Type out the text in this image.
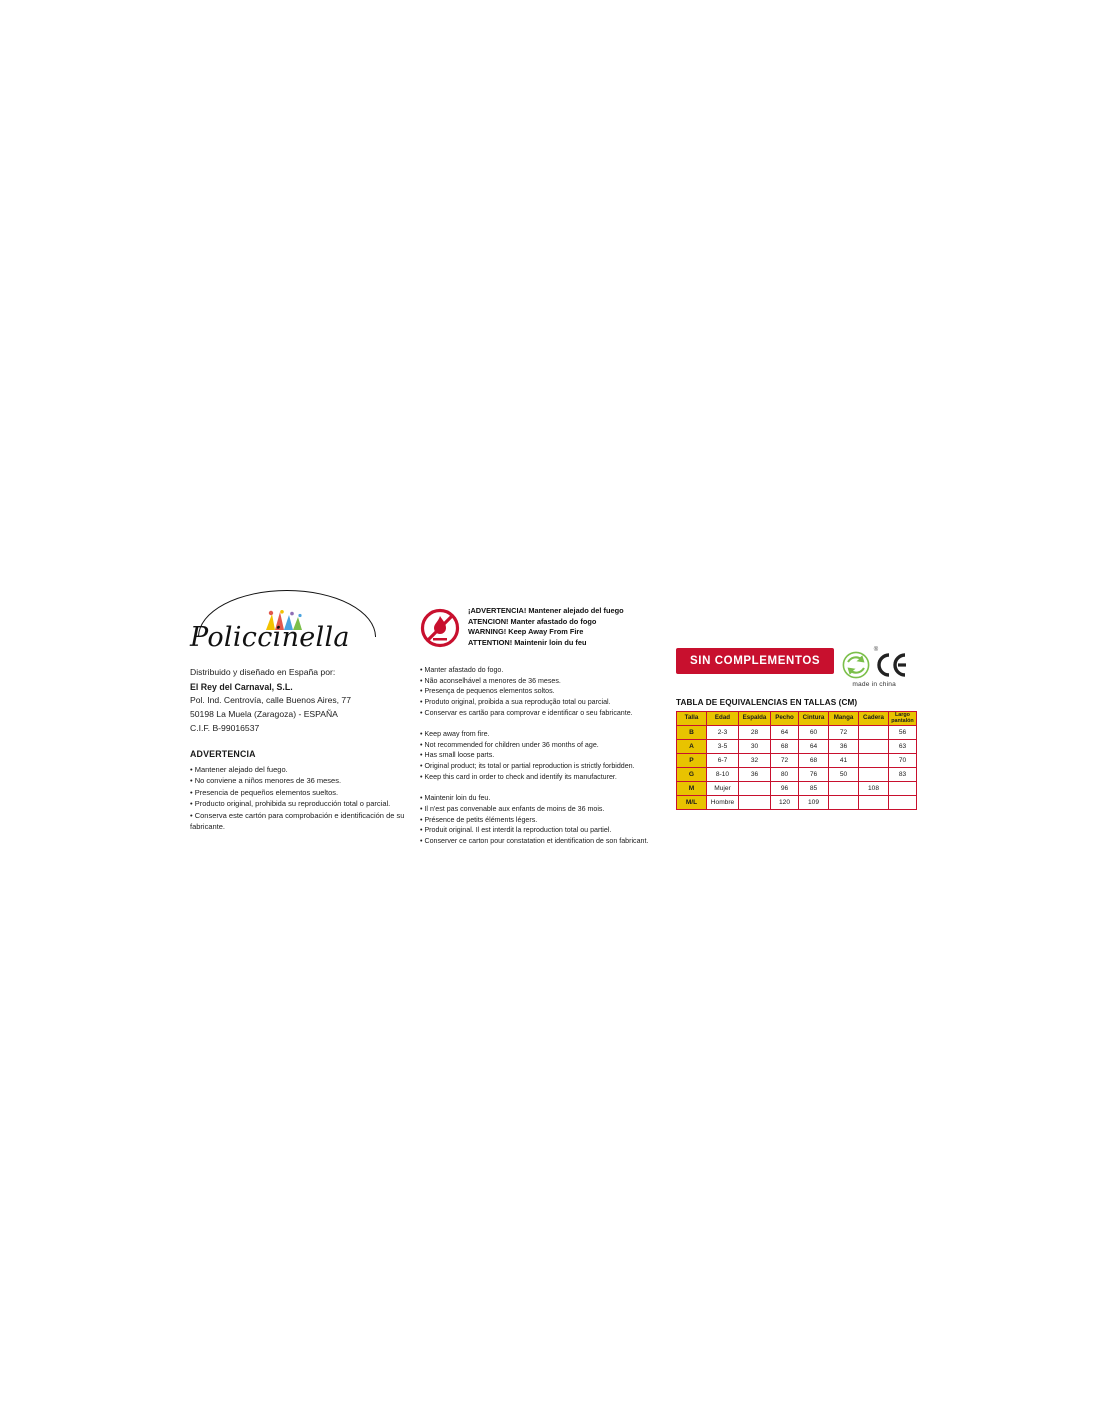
Policcinella
Distribuido y diseñado en España por:
El Rey del Carnaval, S.L.
Pol. Ind. Centrovía, calle Buenos Aires, 77
50198 La Muela (Zaragoza) - ESPAÑA
C.I.F. B-99016537
ADVERTENCIA
• Mantener alejado del fuego.
• No conviene a niños menores de 36 meses.
• Presencia de pequeños elementos sueltos.
• Producto original, prohibida su reproducción total o parcial.
• Conserva este cartón para comprobación e identificación de su fabricante.
¡ADVERTENCIA! Mantener alejado del fuego
ATENCION! Manter afastado do fogo
WARNING! Keep Away From Fire
ATTENTION! Maintenir loin du feu
• Manter afastado do fogo.
• Não aconselhável a menores de 36 meses.
• Presença de pequenos elementos soltos.
• Produto original, proibida a sua reprodução total ou parcial.
• Conservar es cartão para comprovar e identificar o seu fabricante.
• Keep away from fire.
• Not recommended for children under 36 months of age.
• Has small loose parts.
• Original product; its total or partial reproduction is strictly forbidden.
• Keep this card in order to check and identify its manufacturer.
• Maintenir loin du feu.
• Il n'est pas convenable aux enfants de moins de 36 mois.
• Présence de petits éléments légers.
• Produit original. Il est interdit la reproduction total ou partiel.
• Conserver ce carton pour constatation et identification de son fabricant.
SIN COMPLEMENTOS
®
made in china
TABLA DE EQUIVALENCIAS EN TALLAS (CM)
Talla	Edad	Espalda	Pecho	Cintura	Manga	Cadera	Largo pantalón

B	2-3	28	64	60	72		56
A	3-5	30	68	64	36		63
P	6-7	32	72	68	41		70
G	8-10	36	80	76	50		83
M	Mujer		96	85		108	
M/L	Hombre		120	109			
